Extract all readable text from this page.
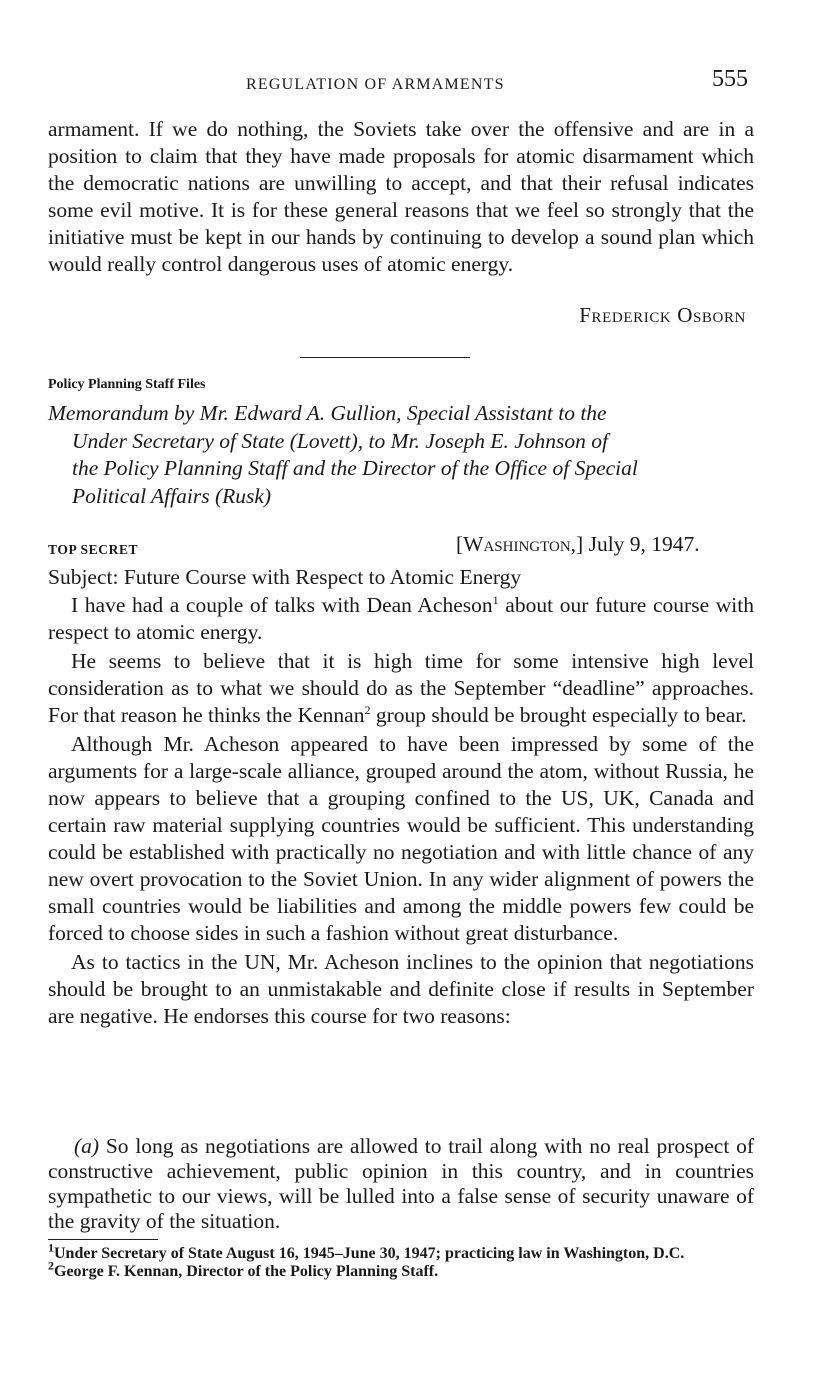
REGULATION OF ARMAMENTS	555
armament. If we do nothing, the Soviets take over the offensive and are in a position to claim that they have made proposals for atomic disarmament which the democratic nations are unwilling to accept, and that their refusal indicates some evil motive. It is for these general reasons that we feel so strongly that the initiative must be kept in our hands by continuing to develop a sound plan which would really control dangerous uses of atomic energy.
Frederick Osborn
Policy Planning Staff Files
Memorandum by Mr. Edward A. Gullion, Special Assistant to the
Under Secretary of State (Lovett), to Mr. Joseph E. Johnson of
the Policy Planning Staff and the Director of the Office of Special
Political Affairs (Rusk)
TOP SECRET	[Washington,] July 9, 1947.
Subject: Future Course with Respect to Atomic Energy

I have had a couple of talks with Dean Acheson$^1$ about our future course with respect to atomic energy.

He seems to believe that it is high time for some intensive high level consideration as to what we should do as the September “deadline” approaches. For that reason he thinks the Kennan$^2$ group should be brought especially to bear.

Although Mr. Acheson appeared to have been impressed by some of the arguments for a large-scale alliance, grouped around the atom, without Russia, he now appears to believe that a grouping confined to the US, UK, Canada and certain raw material supplying countries would be sufficient. This understanding could be established with practically no negotiation and with little chance of any new overt provocation to the Soviet Union. In any wider alignment of powers the small countries would be liabilities and among the middle powers few could be forced to choose sides in such a fashion without great disturbance.

As to tactics in the UN, Mr. Acheson inclines to the opinion that negotiations should be brought to an unmistakable and definite close if results in September are negative. He endorses this course for two reasons:

(a) So long as negotiations are allowed to trail along with no real prospect of constructive achievement, public opinion in this country, and in countries sympathetic to our views, will be lulled into a false sense of security unaware of the gravity of the situation.

$^1$Under Secretary of State August 16, 1945–June 30, 1947; practicing law in Washington, D.C.

$^2$George F. Kennan, Director of the Policy Planning Staff.
